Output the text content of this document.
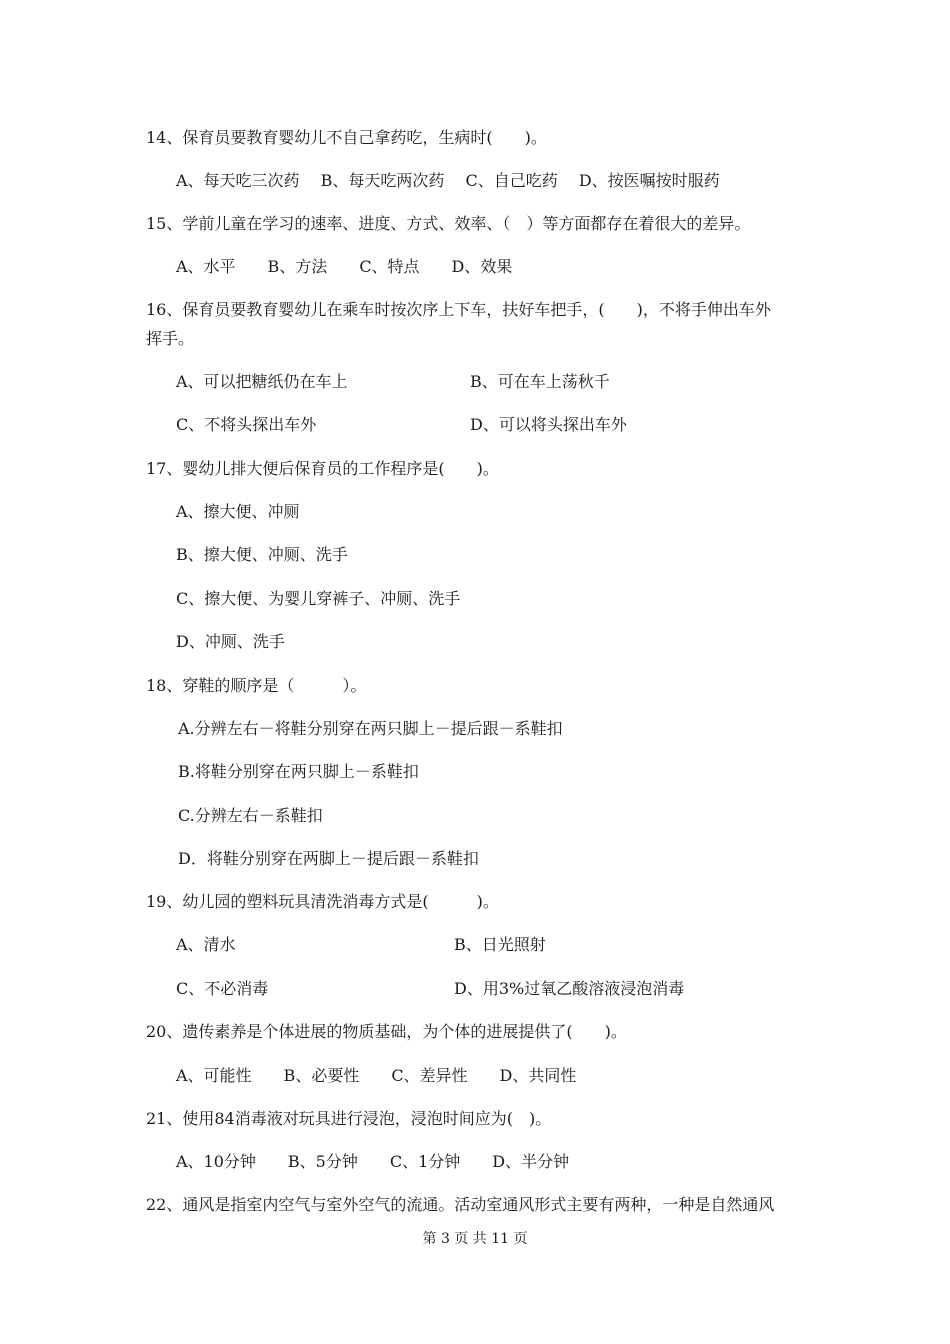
14、保育员要教育婴幼儿不自己拿药吃，生病时(　　)。
A、每天吃三次药　 B、每天吃两次药　 C、自己吃药　 D、按医嘱按时服药
15、学前儿童在学习的速率、进度、方式、效率、（　）等方面都存在着很大的差异。
A、水平　　B、方法　　C、特点　　D、效果
16、保育员要教育婴幼儿在乘车时按次序上下车，扶好车把手，(　　)，不将手伸出车外
挥手。
A、可以把糖纸仍在车上	B、可在车上荡秋千
C、不将头探出车外	D、可以将头探出车外
17、婴幼儿排大便后保育员的工作程序是(　　)。
A、擦大便、冲厕
B、擦大便、冲厕、洗手
C、擦大便、为婴儿穿裤子、冲厕、洗手
D、冲厕、洗手
18、穿鞋的顺序是（　　　）。
A.分辨左右－将鞋分别穿在两只脚上－提后跟－系鞋扣
B.将鞋分别穿在两只脚上－系鞋扣
C.分辨左右－系鞋扣
D．将鞋分别穿在两脚上－提后跟－系鞋扣
19、幼儿园的塑料玩具清洗消毒方式是(　　　)。
A、清水	B、日光照射
C、不必消毒	D、用3%过氧乙酸溶液浸泡消毒
20、遗传素养是个体进展的物质基础，为个体的进展提供了(　　)。
A、可能性　　B、必要性　　C、差异性　　D、共同性
21、使用84消毒液对玩具进行浸泡，浸泡时间应为(　)。
A、10分钟　　B、5分钟　　C、1分钟　　D、半分钟
22、通风是指室内空气与室外空气的流通。活动室通风形式主要有两种，一种是自然通风
第 3 页 共 11 页
